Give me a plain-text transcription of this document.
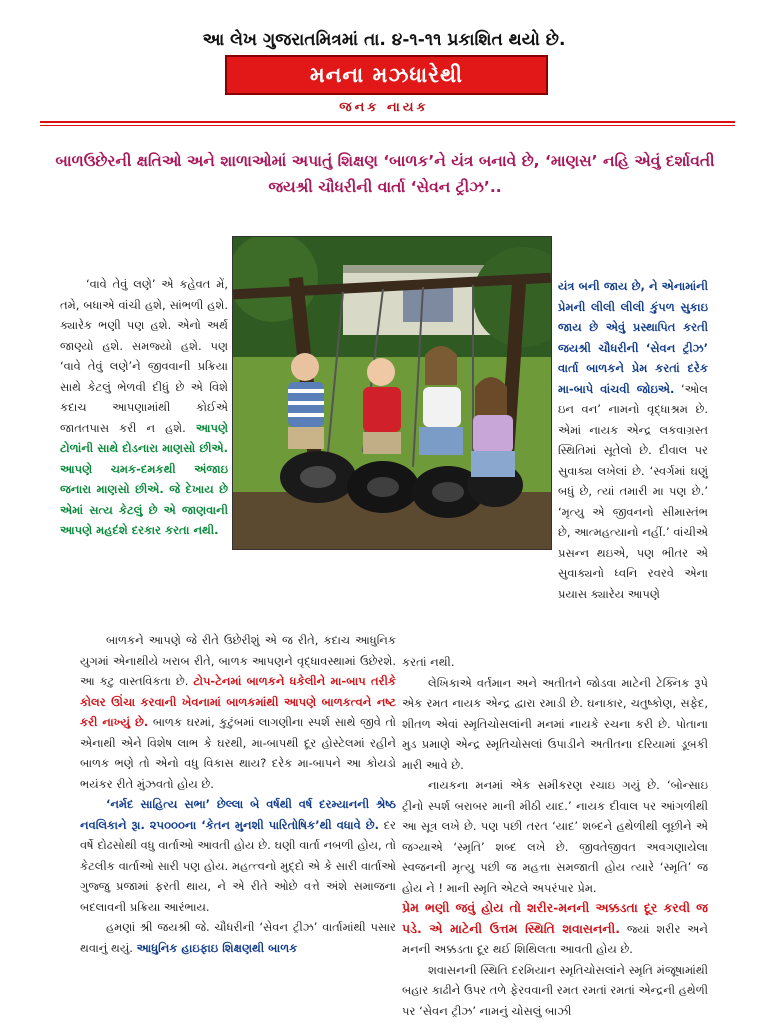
આ લેખ ગુજરાતમિત્રમાં તા. ૪-૧-૧૧ પ્રકાશિત થયો છે.
મનના મઝધારેથી
જનક નાયક
બાળઉછેરની ક્ષતિઓ અને શાળાઓમાં અપાતું શિક્ષણ ‘બાળક’ને યંત્ર બનાવે છે, ‘માણસ’ નહિ એવું દર્શાવતી જયશ્રી ચૌધરીની વાર્તા ‘સેવન ટ્રીઝ’..

‘વાવે તેવું લણે’ એ કહેવત મેં, તમે, બધાએ વાંચી હશે, સાંભળી હશે. ક્યારેક ભણી પણ હશે. એનો અર્થ જાણ્યો હશે. સમજ્યો હશે. પણ ‘વાવે તેવું લણે’ને જીવવાની પ્રક્રિયા સાથે કેટલું ભેળવી દીધું છે એ વિશે કદાચ આપણામાંથી કોઈએ જાતતપાસ કરી ન હશે. આપણે ટોળાંની સાથે દોડનારા માણસો છીએ. આપણે ચમક-દમકથી અંજાઇ જનારા માણસો છીએ. જે દેખાય છે એમાં સત્ય કેટલું છે એ જાણવાની આપણે મહદંશે દરકાર કરતા નથી.

યંત્ર બની જાય છે, ને એનામાંની પ્રેમની લીલી લીલી કુંપળ સુકાઇ જાય છે એવું પ્રસ્થાપિત કરતી જયશ્રી ચૌધરીની ‘સેવન ટ્રીઝ’ વાર્તા બાળકને પ્રેમ કરતાં દરેક મા-બાપે વાંચવી જોઇએ. ‘ઓલ ઇન વન’ નામનો વૃદ્ધાશ્રમ છે. એમાં નાયક એન્દ્ર લકવાગ્રસ્ત સ્થિતિમાં સૂતેલો છે. દીવાલ પર સુવાક્ય લખેલાં છે. ‘સ્વર્ગમાં ઘણું બધું છે, ત્યાં તમારી મા પણ છે.’ ‘મૃત્યુ એ જીવનનો સીમાસ્તંભ છે, આત્મહત્યાનો નહીં.’ વાંચીએ પ્રસન્ન થઇએ, પણ ભીતર એ સુવાક્યનો ધ્વનિ રવરવે એના પ્રયાસ ક્યારેય આપણે

બાળકને આપણે જે રીતે ઉછેરીશું એ જ રીતે, કદાચ આધુનિક યુગમાં એનાથીયે ખરાબ રીતે, બાળક આપણને વૃદ્ધાવસ્થામાં ઉછેરશે. આ કટુ વાસ્તવિકતા છે. ટોપ-ટેનમાં બાળકને ધકેલીને મા-બાપ તરીકે કોલર ઊંચા કરવાની ખેવનામાં બાળકમાંથી આપણે બાળકત્વને નષ્ટ કરી નાખ્યું છે. બાળક ઘરમાં, કુટુંબમાં લાગણીના સ્પર્શ સાથે જીવે તો એનાથી એને વિશેષ લાભ કે ઘરથી, મા-બાપથી દૂર હોસ્ટેલમાં રહીને બાળક ભણે તો એનો વધુ વિકાસ થાય? દરેક મા-બાપને આ કોયડો ભયંકર રીતે મુંઝવતો હોય છે.

‘નર્મદ સાહિત્ય સભા’ છેલ્લા બે વર્ષથી વર્ષ દરમ્યાનની શ્રેષ્ઠ નવલિકાને રૂા. ૨૫૦૦૦ના ‘કેતન મુનશી પારિતોષિક’થી વધાવે છે. દર વર્ષે દોઢસોથી વધુ વાર્તાઓ આવતી હોય છે. ઘણી વાર્તા નબળી હોય, તો કેટલીક વાર્તાઓ સારી પણ હોય. મહત્ત્વનો મુદ્દો એ કે સારી વાર્તાઓ ગુજ્જુ પ્રજામાં ફરતી થાય, ને એ રીતે ઓછે વત્તે અંશે સમાજના બદલાવની પ્રક્રિયા આરંભાય.

હમણાં શ્રી જયશ્રી જે. ચૌધરીની ‘સેવન ટ્રીઝ’ વાર્તામાંથી પસાર થવાનું થયું. આધુનિક હાઇફાઇ શિક્ષણથી બાળક

કરતાં નથી.

લેખિકાએ વર્તમાન અને અતીતને જોડવા માટેની ટેક્નિક રૂપે એક રમત નાયક એન્દ્ર દ્વારા રમાડી છે. ઘનાકાર, ચતુષ્કોણ, સફેદ, શીતળ એવાં સ્મૃતિચોસલાંની મનમાં નાયકે રચના કરી છે. પોતાના મુડ પ્રમાણે એન્દ્ર સ્મૃતિચોસલાં ઉપાડીને અતીતના દરિયામાં ડૂબકી મારી આવે છે.

નાયકના મનમાં એક સમીકરણ રચાઇ ગયું છે. ‘બોન્સાઇ ટ્રીનો સ્પર્શ બરાબર માની મીઠી યાદ.’ નાયક દીવાલ પર આંગળીથી આ સૂત્ર લખે છે. પણ પછી તરત ‘યાદ’ શબ્દને હથેળીથી લૂછીને એ જગ્યાએ ‘સ્મૃતિ’ શબ્દ લખે છે. જીવતેજીવત અવગણાયેલા સ્વજનની મૃત્યુ પછી જ મહત્તા સમજાતી હોય ત્યારે ‘સ્મૃતિ’ જ હોય ને ! માની સ્મૃતિ એટલે અપરંપાર પ્રેમ.

પ્રેમ ભણી જવું હોય તો શરીર-મનની અક્કડતા દૂર કરવી જ પડે. એ માટેની ઉત્તમ સ્થિતિ શવાસનની. જ્યાં શરીર અને મનની અક્કડતા દૂર થઈ શિથિલતા આવતી હોય છે.

શવાસનની સ્થિતિ દરમિયાન સ્મૃતિચોસલાંને સ્મૃતિ મંજૂષામાંથી બહાર કાઢીને ઉપર તળે ફેરવવાની રમત રમતાં રમતાં એન્દ્રની હથેળી પર ‘સેવન ટ્રીઝ’ નામનું ચોસલું બાઝી
